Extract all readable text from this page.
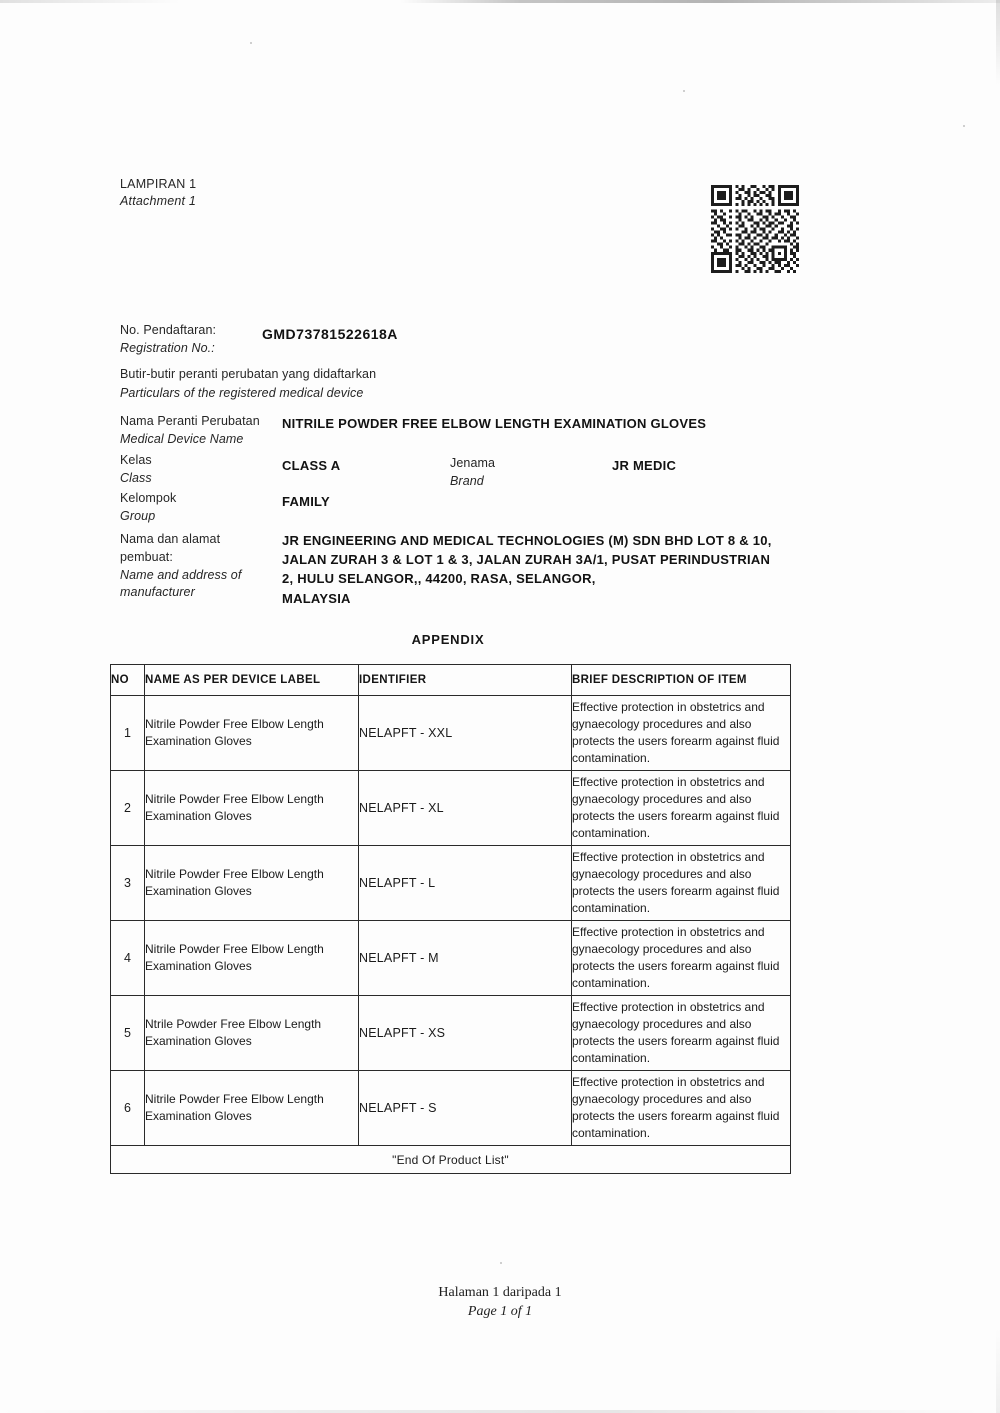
LAMPIRAN 1
Attachment 1
No. Pendaftaran:
Registration No.:
GMD73781522618A
Butir-butir peranti perubatan yang didaftarkan
Particulars of the registered medical device
Nama Peranti Perubatan
Medical Device Name
NITRILE POWDER FREE ELBOW LENGTH EXAMINATION GLOVES
Kelas
Class
CLASS A	Jenama
Brand
JR MEDIC
Kelompok
Group
FAMILY
Nama dan alamat
pembuat:
Name and address of
manufacturer
JR ENGINEERING AND MEDICAL TECHNOLOGIES (M) SDN BHD LOT 8 & 10,
JALAN ZURAH 3 & LOT 1 & 3, JALAN ZURAH 3A/1, PUSAT PERINDUSTRIAN
2, HULU SELANGOR,, 44200, RASA, SELANGOR,
MALAYSIA
APPENDIX
NO	NAME AS PER DEVICE LABEL	IDENTIFIER	BRIEF DESCRIPTION OF ITEM
1	Nitrile Powder Free Elbow Length Examination Gloves	NELAPFT - XXL	Effective protection in obstetrics and gynaecology procedures and also protects the users forearm against fluid contamination.
2	Nitrile Powder Free Elbow Length Examination Gloves	NELAPFT - XL	Effective protection in obstetrics and gynaecology procedures and also protects the users forearm against fluid contamination.
3	Nitrile Powder Free Elbow Length Examination Gloves	NELAPFT - L	Effective protection in obstetrics and gynaecology procedures and also protects the users forearm against fluid contamination.
4	Nitrile Powder Free Elbow Length Examination Gloves	NELAPFT - M	Effective protection in obstetrics and gynaecology procedures and also protects the users forearm against fluid contamination.
5	Ntrile Powder Free Elbow Length Examination Gloves	NELAPFT - XS	Effective protection in obstetrics and gynaecology procedures and also protects the users forearm against fluid contamination.
6	Nitrile Powder Free Elbow Length Examination Gloves	NELAPFT - S	Effective protection in obstetrics and gynaecology procedures and also protects the users forearm against fluid contamination.
"End Of Product List"			
Halaman 1 daripada 1
Page 1 of 1
